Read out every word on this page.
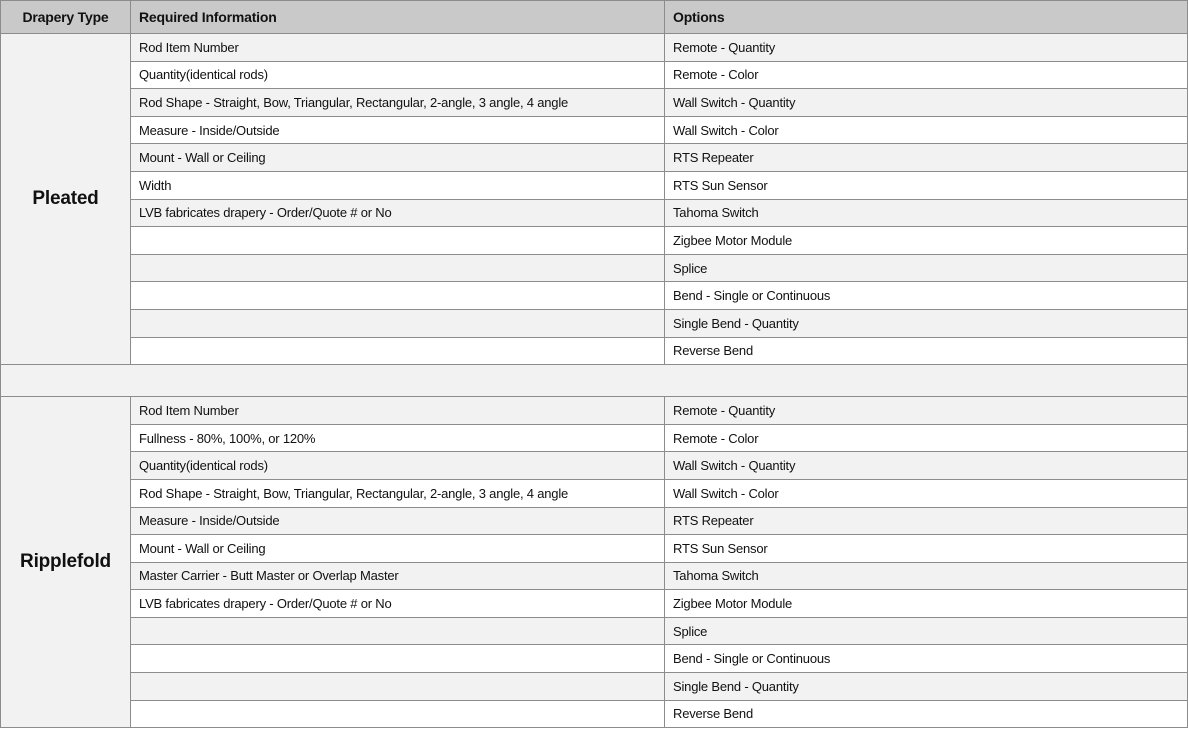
Drapery Type	Required Information	Options
Pleated	Rod Item Number	Remote - Quantity
	Quantity(identical rods)	Remote - Color
	Rod Shape - Straight, Bow, Triangular, Rectangular, 2-angle, 3 angle, 4 angle	Wall Switch - Quantity
	Measure - Inside/Outside	Wall Switch - Color
	Mount - Wall or Ceiling	RTS Repeater
	Width	RTS Sun Sensor
	LVB fabricates drapery - Order/Quote # or No	Tahoma Switch
		Zigbee Motor Module
		Splice
		Bend - Single or Continuous
		Single Bend - Quantity
		Reverse Bend

Ripplefold	Rod Item Number	Remote - Quantity
	Fullness - 80%, 100%, or 120%	Remote - Color
	Quantity(identical rods)	Wall Switch - Quantity
	Rod Shape - Straight, Bow, Triangular, Rectangular, 2-angle, 3 angle, 4 angle	Wall Switch - Color
	Measure - Inside/Outside	RTS Repeater
	Mount - Wall or Ceiling	RTS Sun Sensor
	Master Carrier - Butt Master or Overlap Master	Tahoma Switch
	LVB fabricates drapery - Order/Quote # or No	Zigbee Motor Module
		Splice
		Bend - Single or Continuous
		Single Bend - Quantity
		Reverse Bend
